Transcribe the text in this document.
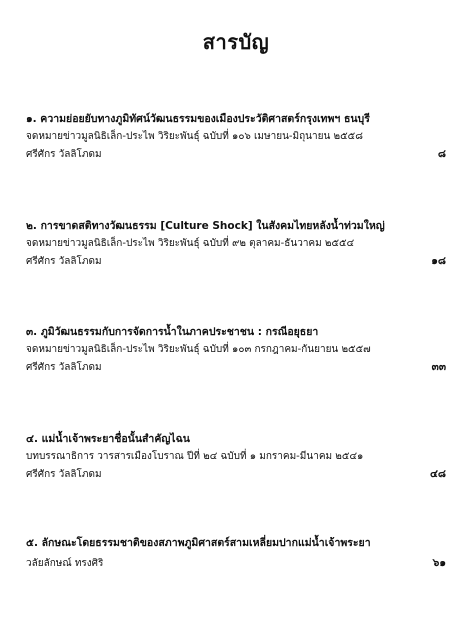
สารบัญ
๑. ความย่อยยับทางภูมิทัศน์วัฒนธรรมของเมืองประวัติศาสตร์กรุงเทพฯ ธนบุรี
จดหมายข่าวมูลนิธิเล็ก-ประไพ วิริยะพันธุ์ ฉบับที่ ๑๐๖ เมษายน-มิถุนายน ๒๕๕๘
ศรีศักร วัลลิโภดม	๘
๒. การขาดสติทางวัฒนธรรม [Culture Shock] ในสังคมไทยหลังน้ำท่วมใหญ่
จดหมายข่าวมูลนิธิเล็ก-ประไพ วิริยะพันธุ์ ฉบับที่ ๙๒ ตุลาคม-ธันวาคม ๒๕๕๔
ศรีศักร วัลลิโภดม	๑๘
๓. ภูมิวัฒนธรรมกับการจัดการน้ำในภาคประชาชน : กรณีอยุธยา
จดหมายข่าวมูลนิธิเล็ก-ประไพ วิริยะพันธุ์ ฉบับที่ ๑๐๓ กรกฎาคม-กันยายน ๒๕๕๗
ศรีศักร วัลลิโภดม	๓๓
๔. แม่น้ำเจ้าพระยาชื่อนั้นสำคัญไฉน
บทบรรณาธิการ วารสารเมืองโบราณ ปีที่ ๒๔ ฉบับที่ ๑ มกราคม-มีนาคม ๒๕๔๑
ศรีศักร วัลลิโภดม	๔๘
๕. ลักษณะโดยธรรมชาติของสภาพภูมิศาสตร์สามเหลี่ยมปากแม่น้ำเจ้าพระยา
วลัยลักษณ์ ทรงศิริ	๖๑
